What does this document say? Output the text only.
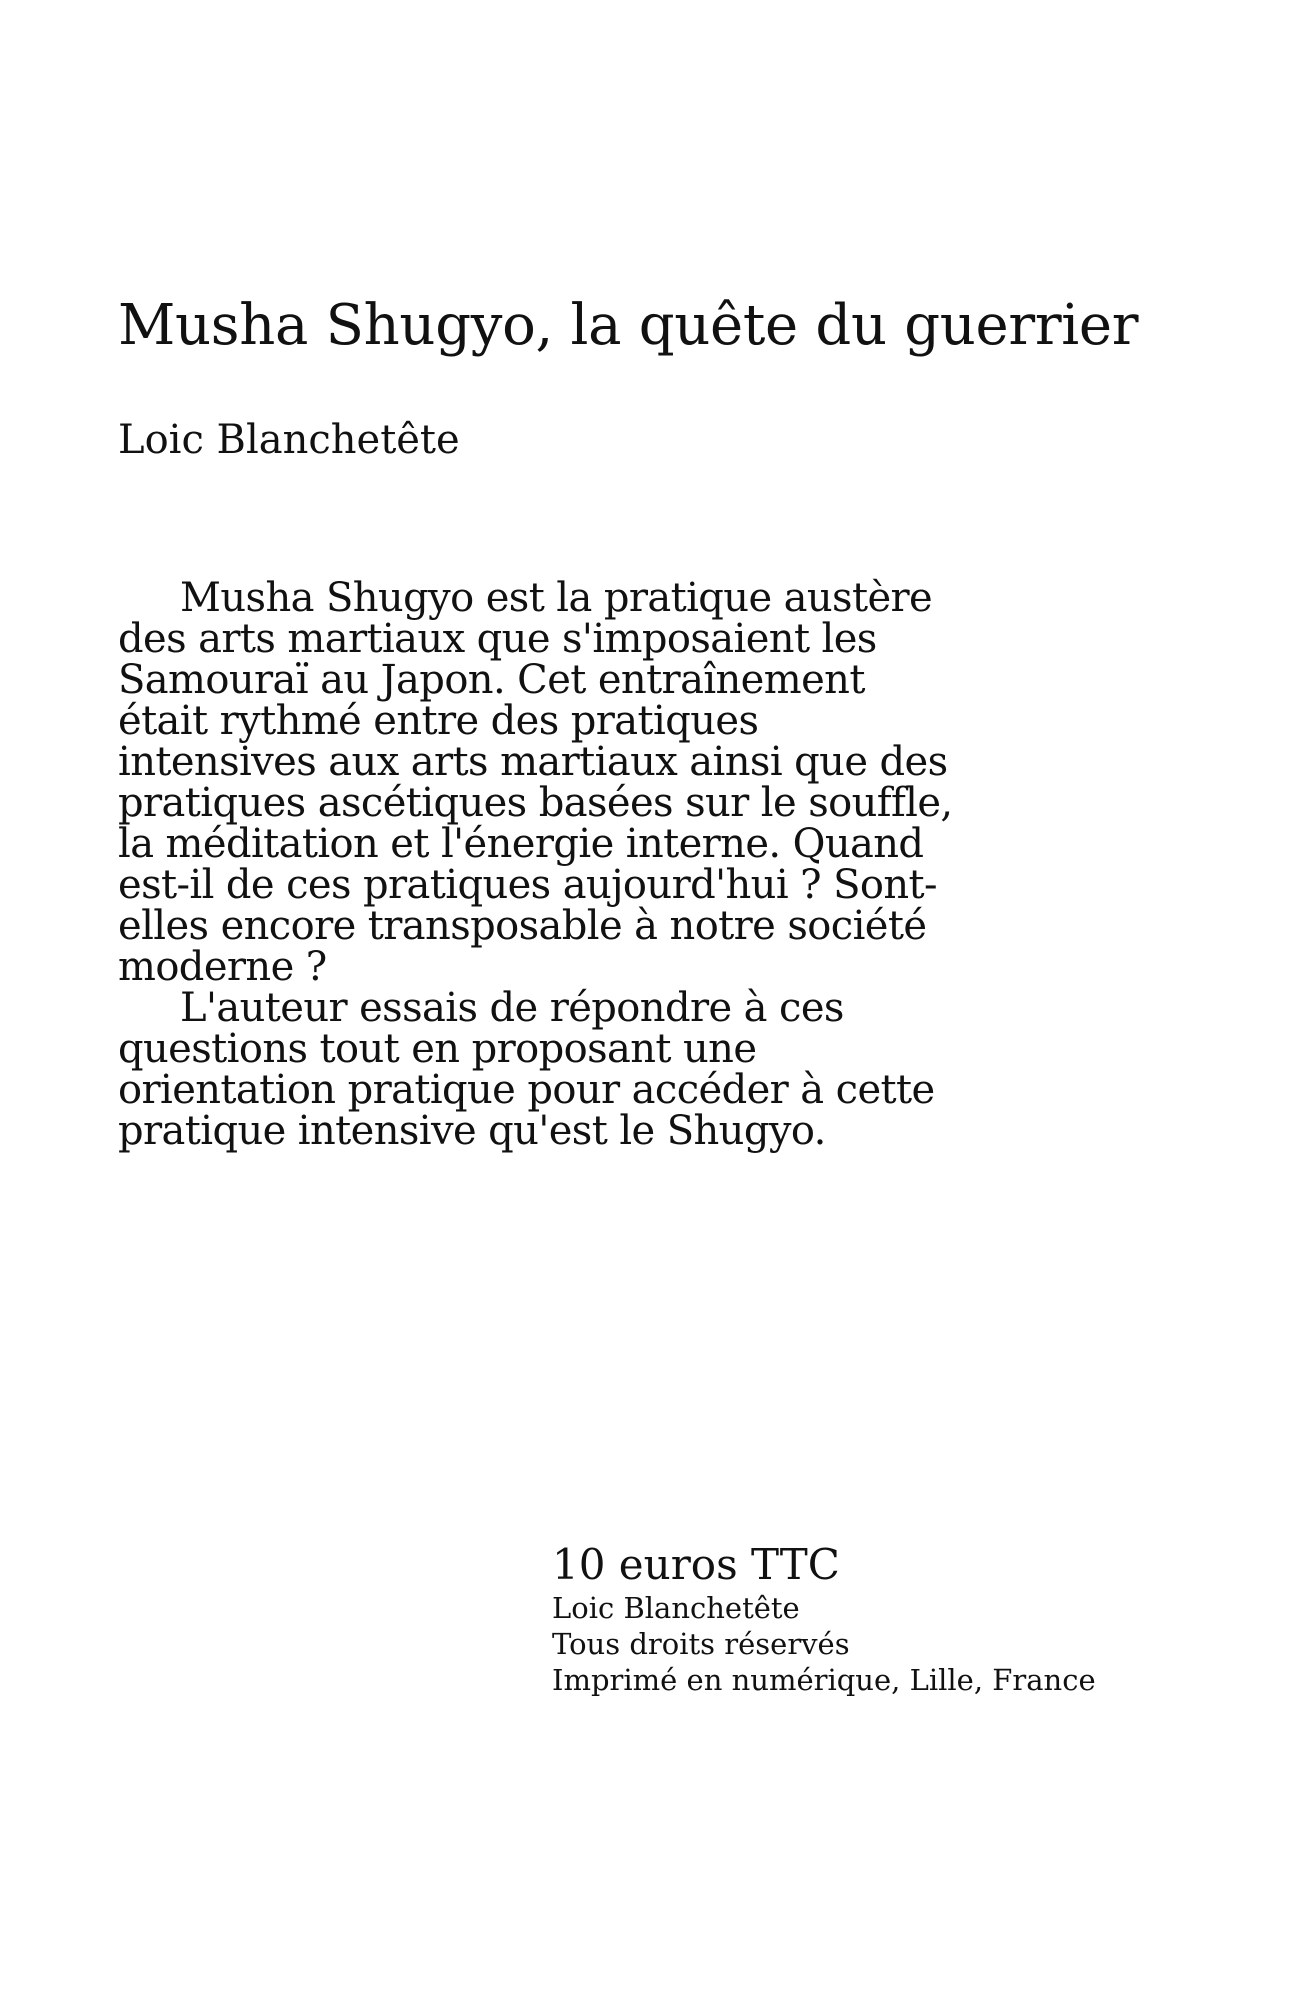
Musha Shugyo, la quête du guerrier
Loic Blanchetête

Musha Shugyo est la pratique austère des arts martiaux que s'imposaient les Samouraï au Japon. Cet entraînement était rythmé entre des pratiques intensives aux arts martiaux ainsi que des pratiques ascétiques basées sur le souffle, la méditation et l'énergie interne. Quand est-il de ces pratiques aujourd'hui ? Sont-elles encore transposable à notre société moderne ?

L'auteur essais de répondre à ces questions tout en proposant une orientation pratique pour accéder à cette pratique intensive qu'est le Shugyo.

10 euros TTC
Loic Blanchetête
Tous droits réservés
Imprimé en numérique, Lille, France
